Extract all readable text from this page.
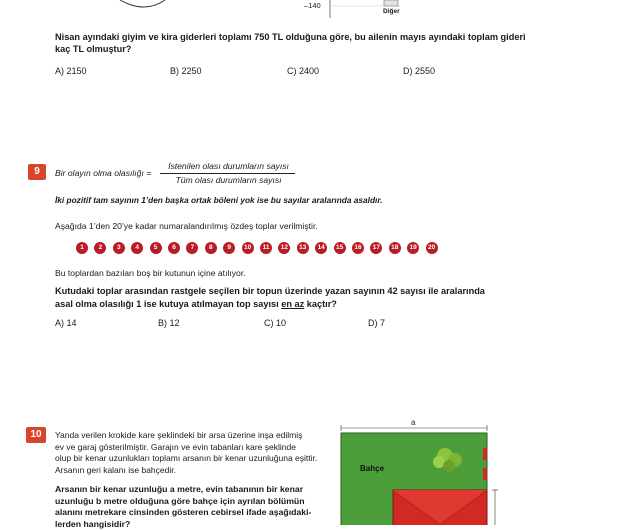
–140
Diğer
Nisan ayındaki giyim ve kira giderleri toplamı 750 TL olduğuna göre, bu ailenin mayıs ayındaki toplam gideri
kaç TL olmuştur?
A) 2150	B) 2250	C) 2400	D) 2550
9	Bir olayın olma olasılığı =
İstenilen olası durumların sayısı
Tüm olası durumların sayısı
İki pozitif tam sayının 1’den başka ortak böleni yok ise bu sayılar aralarında asaldır.
Aşağıda 1’den 20’ye kadar numaralandırılmış özdeş toplar verilmiştir.
1	2	3	4	5	6	7	8	9	10	11	12	13	14	15	16	17	18	19	20
Bu toplardan bazıları boş bir kutunun içine atılıyor.
Kutudaki toplar arasından rastgele seçilen bir topun üzerinde yazan sayının 42 sayısı ile aralarında
asal olma olasılığı 1 ise kutuya atılmayan top sayısı en az kaçtır?
A) 14	B) 12	C) 10	D) 7
10	Yanda verilen krokide kare şeklindeki bir arsa üzerine inşa edilmiş
ev ve garaj gösterilmiştir. Garajın ve evin tabanları kare şeklinde
olup bir kenar uzunlukları toplamı arsanın bir kenar uzunluğuna eşittir.
Arsanın geri kalanı ise bahçedir.
Arsanın bir kenar uzunluğu a metre, evin tabanının bir kenar
uzunluğu b metre olduğuna göre bahçe için ayrılan bölümün
alanını metrekare cinsinden gösteren cebirsel ifade aşağıdaki-
lerden hangisidir?
a
Bahçe
